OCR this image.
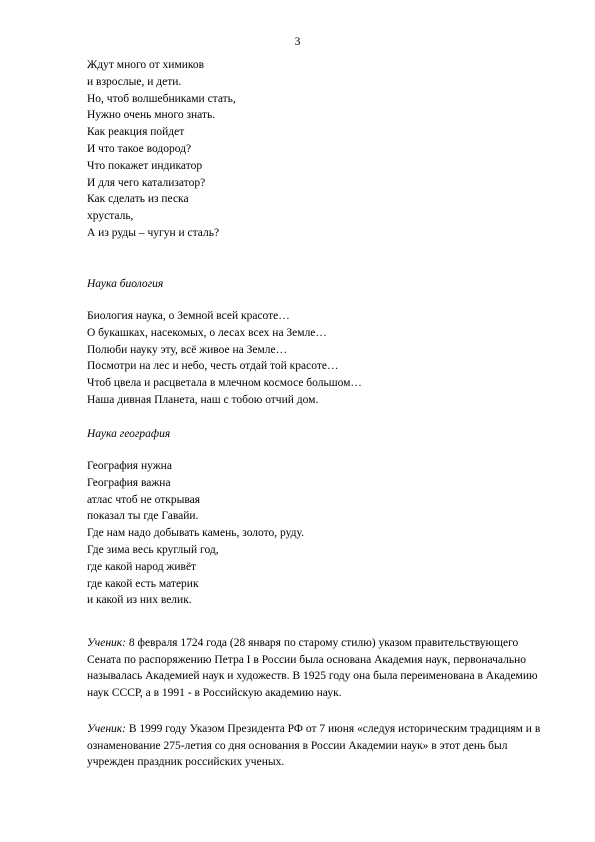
3
Ждут много от химиков
и взрослые, и дети.
Но, чтоб волшебниками стать,
Нужно очень много знать.
Как реакция пойдет
И что такое водород?
Что покажет индикатор
И для чего катализатор?
Как сделать из песка
хрусталь,
А из руды – чугун и сталь?
Наука биология
Биология наука, о Земной всей красоте…
О букашках, насекомых, о лесах всех на Земле…
Полюби науку эту, всё живое на Земле…
Посмотри на лес и небо, честь отдай той красоте…
Чтоб цвела и расцветала в млечном космосе большом…
Наша дивная Планета, наш с тобою отчий дом.
Наука география
География нужна
География важна
атлас чтоб не открывая
показал ты где Гавайи.
Где нам надо добывать камень, золото, руду.
Где зима весь круглый год,
где какой народ живёт
где какой есть материк
и какой из них велик.
Ученик: 8 февраля 1724 года (28 января по старому стилю) указом правительствующего Сената по распоряжению Петра I в России была основана Академия наук, первоначально называлась Академией наук и художеств. В 1925 году она была переименована в Академию наук СССР, а в 1991 - в Российскую академию наук.
Ученик: В 1999 году Указом Президента РФ от 7 июня «следуя историческим традициям и в ознаменование 275-летия со дня основания в России Академии наук» в этот день был учрежден праздник российских ученых.
